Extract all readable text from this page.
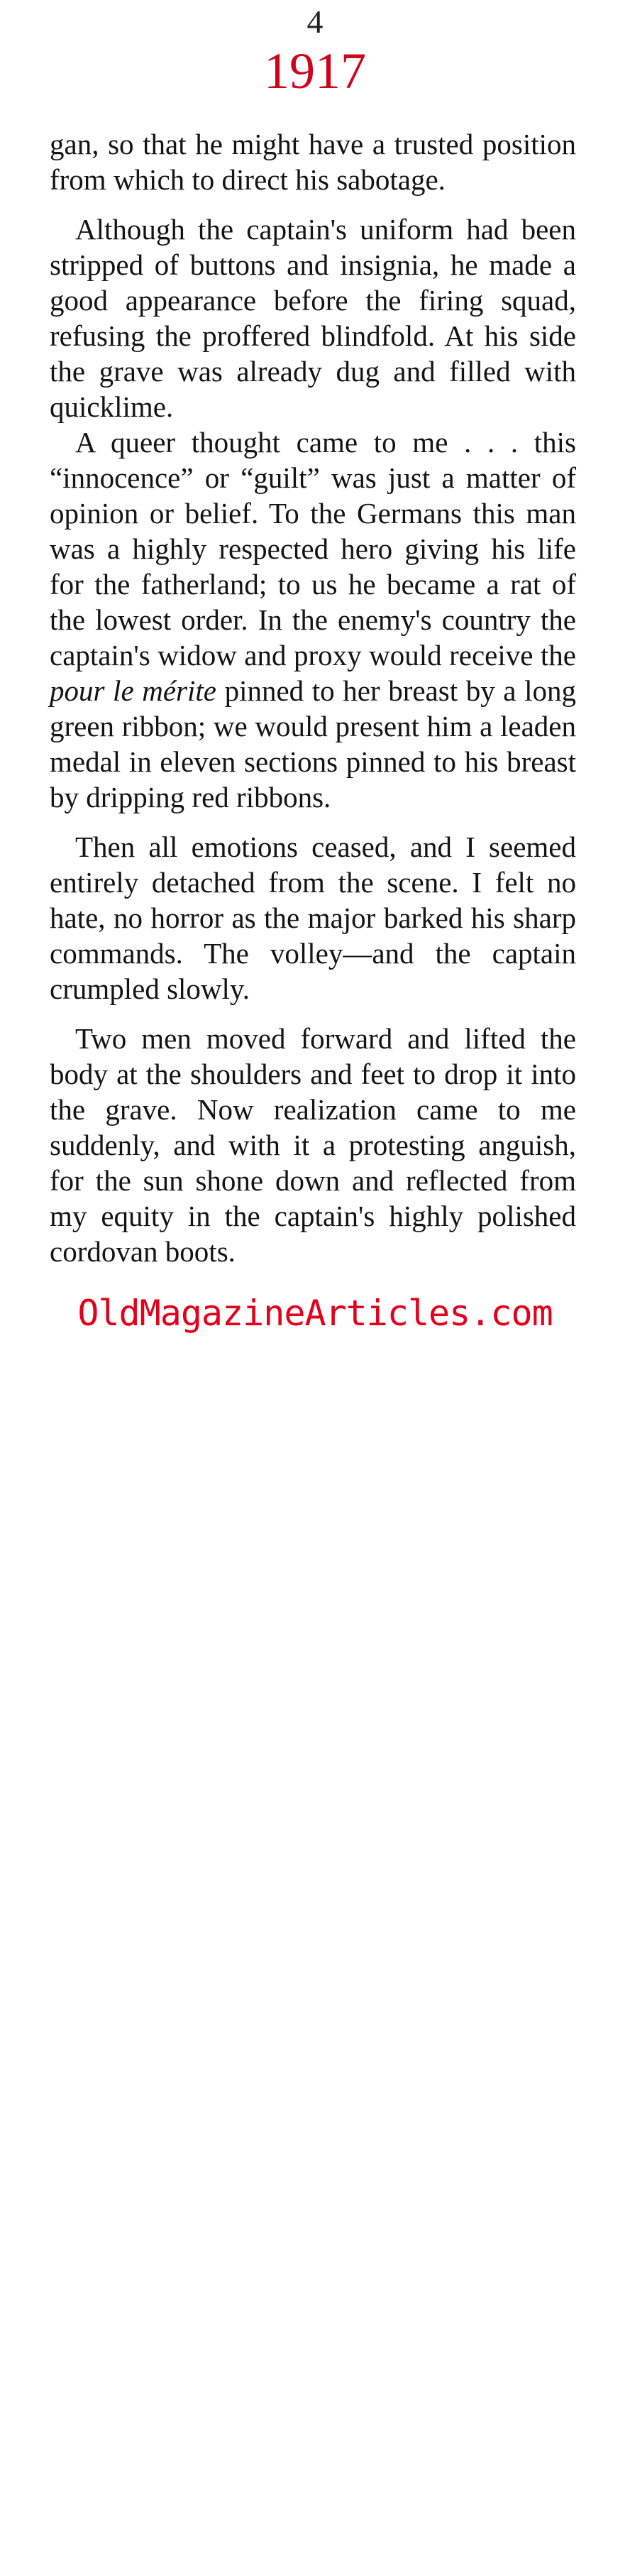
4
1917

gan, so that he might have a trusted position from which to direct his sabotage.

Although the captain's uniform had been stripped of buttons and insignia, he made a good appearance before the firing squad, refusing the proffered blindfold. At his side the grave was already dug and filled with quicklime.

A queer thought came to me . . . this “innocence” or “guilt” was just a matter of opinion or belief. To the Germans this man was a highly respected hero giving his life for the fatherland; to us he became a rat of the lowest order. In the enemy's country the captain's widow and proxy would receive the pour le mérite pinned to her breast by a long green ribbon; we would present him a leaden medal in eleven sections pinned to his breast by dripping red ribbons.

Then all emotions ceased, and I seemed entirely detached from the scene. I felt no hate, no horror as the major barked his sharp commands. The volley—and the captain crumpled slowly.

Two men moved forward and lifted the body at the shoulders and feet to drop it into the grave. Now realization came to me suddenly, and with it a protesting anguish, for the sun shone down and reflected from my equity in the captain's highly polished cordovan boots.

OldMagazineArticles.com
